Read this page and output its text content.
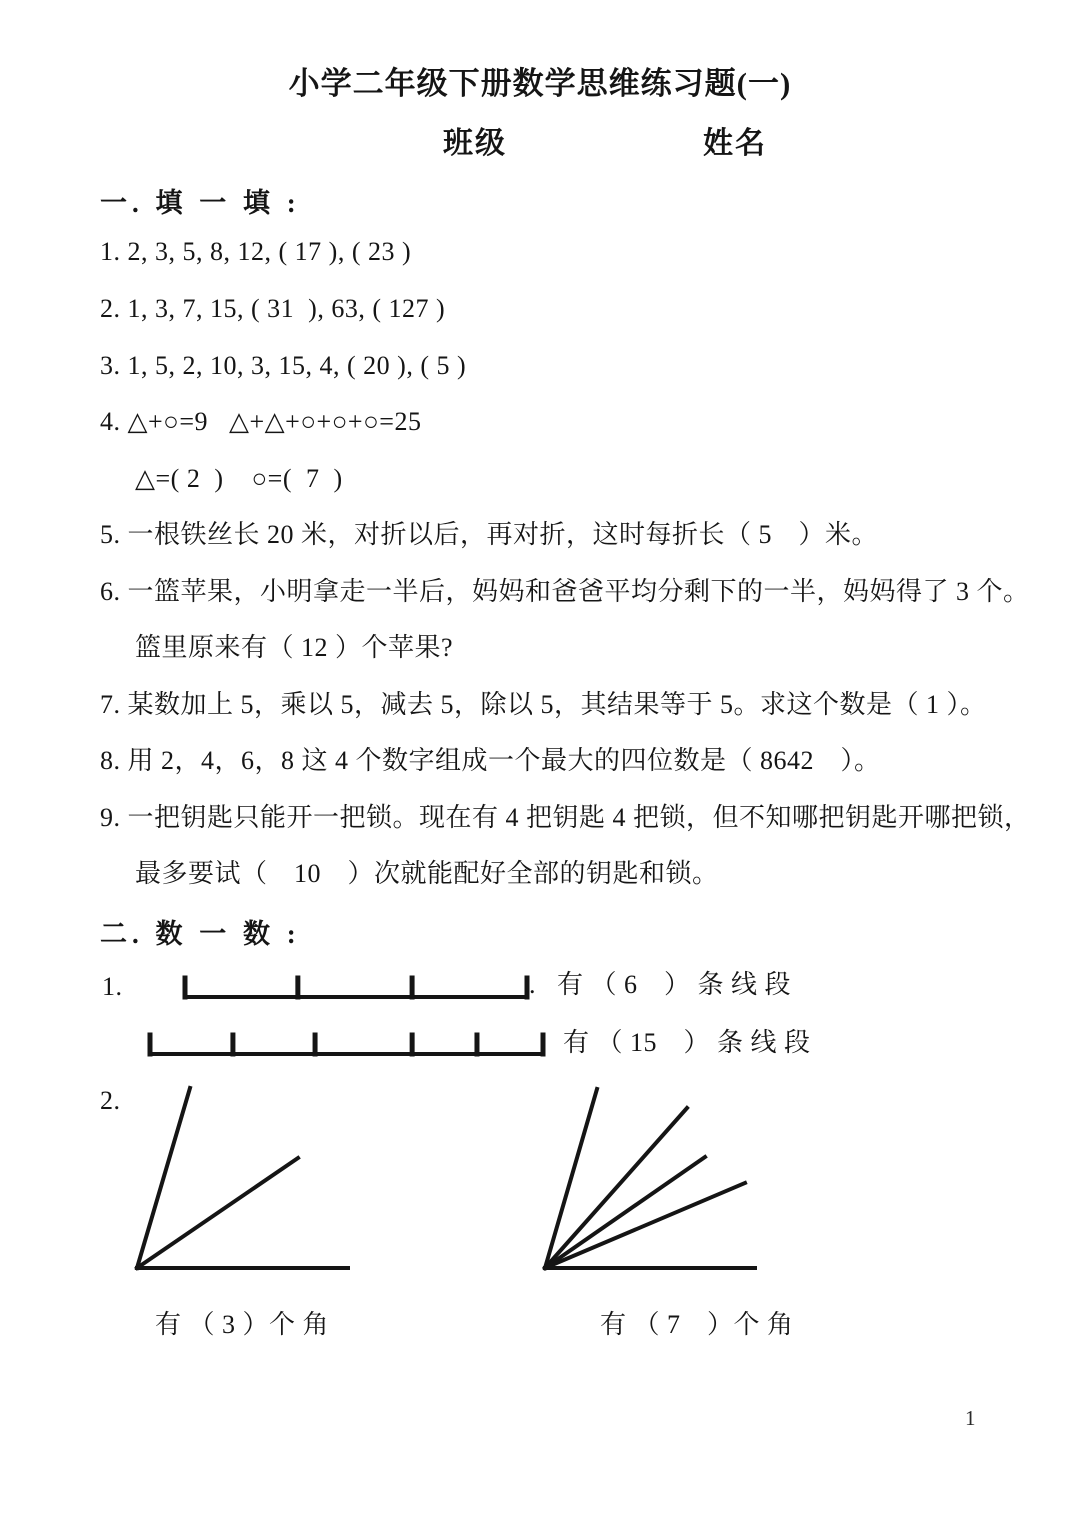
小学二年级下册数学思维练习题(一)
班级	姓名
一. 填 一 填 :
1. 2, 3, 5, 8, 12, ( 17 ), ( 23 )
2. 1, 3, 7, 15, ( 31  ), 63, ( 127 )
3. 1, 5, 2, 10, 3, 15, 4, ( 20 ), ( 5 )
4. △+○=9   △+△+○+○+○=25
△=( 2  )    ○=(  7  )
5. 一根铁丝长 20 米，对折以后，再对折，这时每折长（ 5　）米。
6. 一篮苹果，小明拿走一半后，妈妈和爸爸平均分剩下的一半，妈妈得了 3 个。
篮里原来有（ 12 ）个苹果?
7. 某数加上 5，乘以 5，减去 5，除以 5，其结果等于 5。求这个数是（ 1 ）。
8. 用 2，4，6，8 这 4 个数字组成一个最大的四位数是（ 8642　）。
9. 一把钥匙只能开一把锁。现在有 4 把钥匙 4 把锁，但不知哪把钥匙开哪把锁，
最多要试（　10　）次就能配好全部的钥匙和锁。
二. 数 一 数 :
1.	.   有 （ 6　） 条 线 段
有 （ 15　） 条 线 段
2.
有 （ 3 ）个 角	有 （ 7　）个 角
1
